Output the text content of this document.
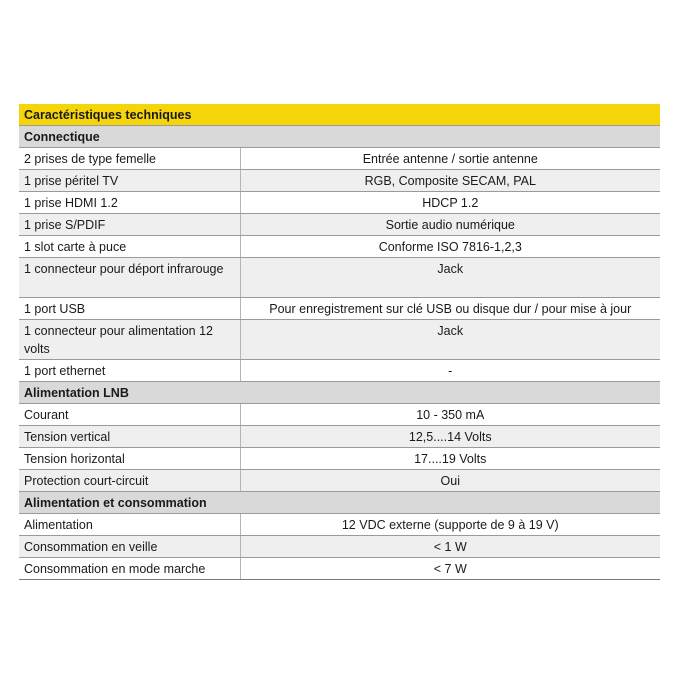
Caractéristiques techniques	
Connectique	
2 prises de type femelle	Entrée antenne / sortie antenne
1 prise péritel TV	RGB, Composite SECAM, PAL
1 prise HDMI 1.2	HDCP 1.2
1 prise S/PDIF	Sortie audio numérique
1 slot carte à puce	Conforme ISO 7816-1,2,3
1 connecteur pour déport infrarouge	Jack
1 port USB	Pour enregistrement sur clé USB ou disque dur / pour mise à jour
1 connecteur pour alimentation 12 volts	Jack
1 port ethernet	-
Alimentation LNB	
Courant	10 - 350 mA
Tension vertical	12,5....14 Volts
Tension horizontal	17....19 Volts
Protection court-circuit	Oui
Alimentation et consommation	
Alimentation	12 VDC externe (supporte de 9 à 19 V)
Consommation en veille	< 1 W
Consommation en mode marche	< 7 W
